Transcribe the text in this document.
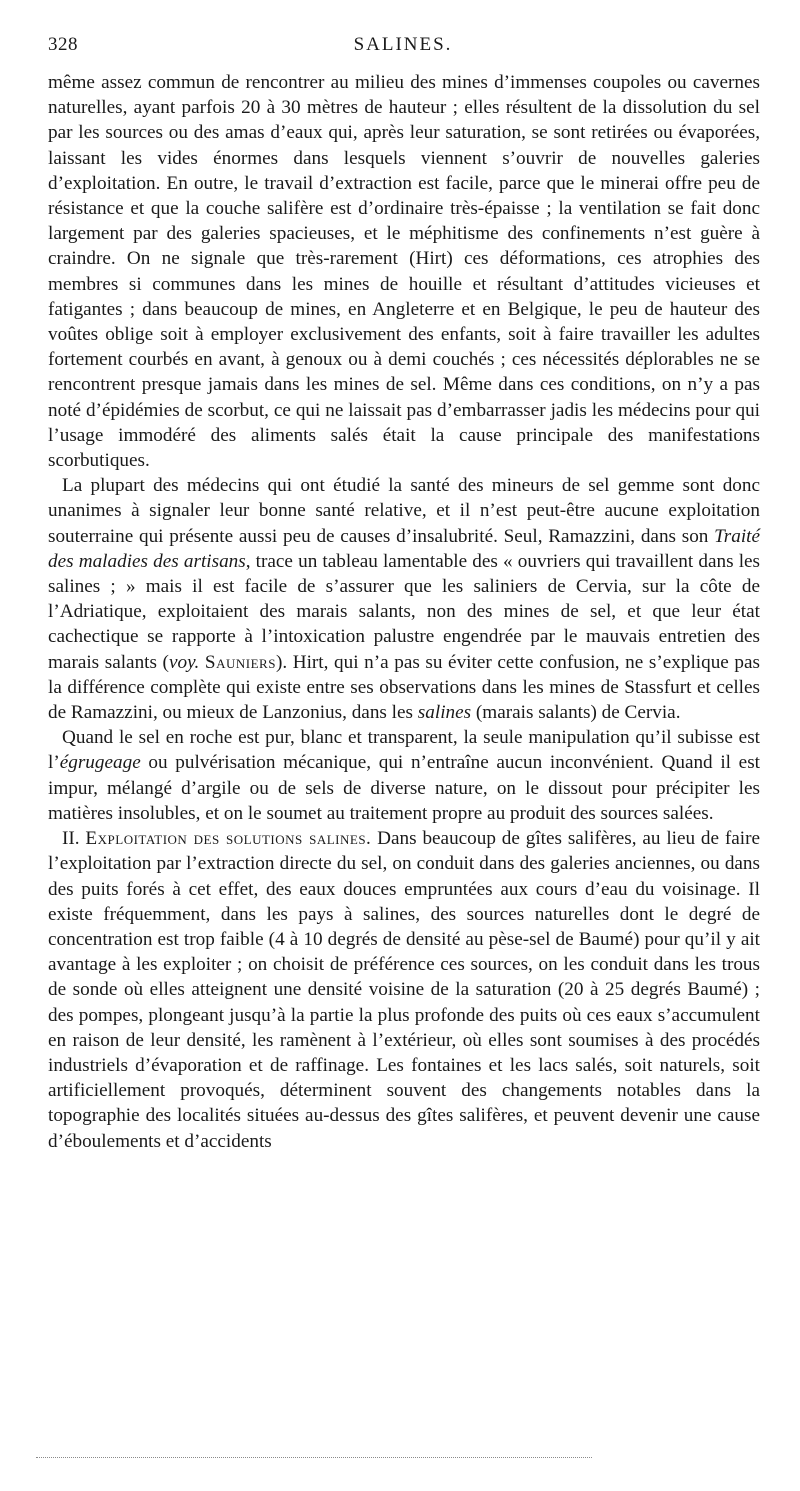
328	SALINES.

même assez commun de rencontrer au milieu des mines d’immenses coupoles ou cavernes naturelles, ayant parfois 20 à 30 mètres de hauteur ; elles résultent de la dissolution du sel par les sources ou des amas d’eaux qui, après leur saturation, se sont retirées ou évaporées, laissant les vides énormes dans lesquels viennent s’ouvrir de nouvelles galeries d’exploitation. En outre, le travail d’extraction est facile, parce que le minerai offre peu de résistance et que la couche salifère est d’ordinaire très-épaisse ; la ventilation se fait donc largement par des galeries spacieuses, et le méphitisme des confinements n’est guère à craindre. On ne signale que très-rarement (Hirt) ces déformations, ces atrophies des membres si communes dans les mines de houille et résultant d’attitudes vicieuses et fatigantes ; dans beaucoup de mines, en Angleterre et en Belgique, le peu de hauteur des voûtes oblige soit à employer exclusivement des enfants, soit à faire travailler les adultes fortement courbés en avant, à genoux ou à demi couchés ; ces nécessités déplorables ne se rencontrent presque jamais dans les mines de sel. Même dans ces conditions, on n’y a pas noté d’épidémies de scorbut, ce qui ne laissait pas d’embarrasser jadis les médecins pour qui l’usage immodéré des aliments salés était la cause principale des manifestations scorbutiques.

La plupart des médecins qui ont étudié la santé des mineurs de sel gemme sont donc unanimes à signaler leur bonne santé relative, et il n’est peut-être aucune exploitation souterraine qui présente aussi peu de causes d’insalubrité. Seul, Ramazzini, dans son Traité des maladies des artisans, trace un tableau lamentable des « ouvriers qui travaillent dans les salines ; » mais il est facile de s’assurer que les saliniers de Cervia, sur la côte de l’Adriatique, exploitaient des marais salants, non des mines de sel, et que leur état cachectique se rapporte à l’intoxication palustre engendrée par le mauvais entretien des marais salants (voy. Sauniers). Hirt, qui n’a pas su éviter cette confusion, ne s’explique pas la différence complète qui existe entre ses observations dans les mines de Stassfurt et celles de Ramazzini, ou mieux de Lanzonius, dans les salines (marais salants) de Cervia.

Quand le sel en roche est pur, blanc et transparent, la seule manipulation qu’il subisse est l’égrugeage ou pulvérisation mécanique, qui n’entraîne aucun inconvénient. Quand il est impur, mélangé d’argile ou de sels de diverse nature, on le dissout pour précipiter les matières insolubles, et on le soumet au traitement propre au produit des sources salées.

II. Exploitation des solutions salines. Dans beaucoup de gîtes salifères, au lieu de faire l’exploitation par l’extraction directe du sel, on conduit dans des galeries anciennes, ou dans des puits forés à cet effet, des eaux douces empruntées aux cours d’eau du voisinage. Il existe fréquemment, dans les pays à salines, des sources naturelles dont le degré de concentration est trop faible (4 à 10 degrés de densité au pèse-sel de Baumé) pour qu’il y ait avantage à les exploiter ; on choisit de préférence ces sources, on les conduit dans les trous de sonde où elles atteignent une densité voisine de la saturation (20 à 25 degrés Baumé) ; des pompes, plongeant jusqu’à la partie la plus profonde des puits où ces eaux s’accumulent en raison de leur densité, les ramènent à l’extérieur, où elles sont soumises à des procédés industriels d’évaporation et de raffinage. Les fontaines et les lacs salés, soit naturels, soit artificiellement provoqués, déterminent souvent des changements notables dans la topographie des localités situées au-dessus des gîtes salifères, et peuvent devenir une cause d’éboulements et d’accidents
